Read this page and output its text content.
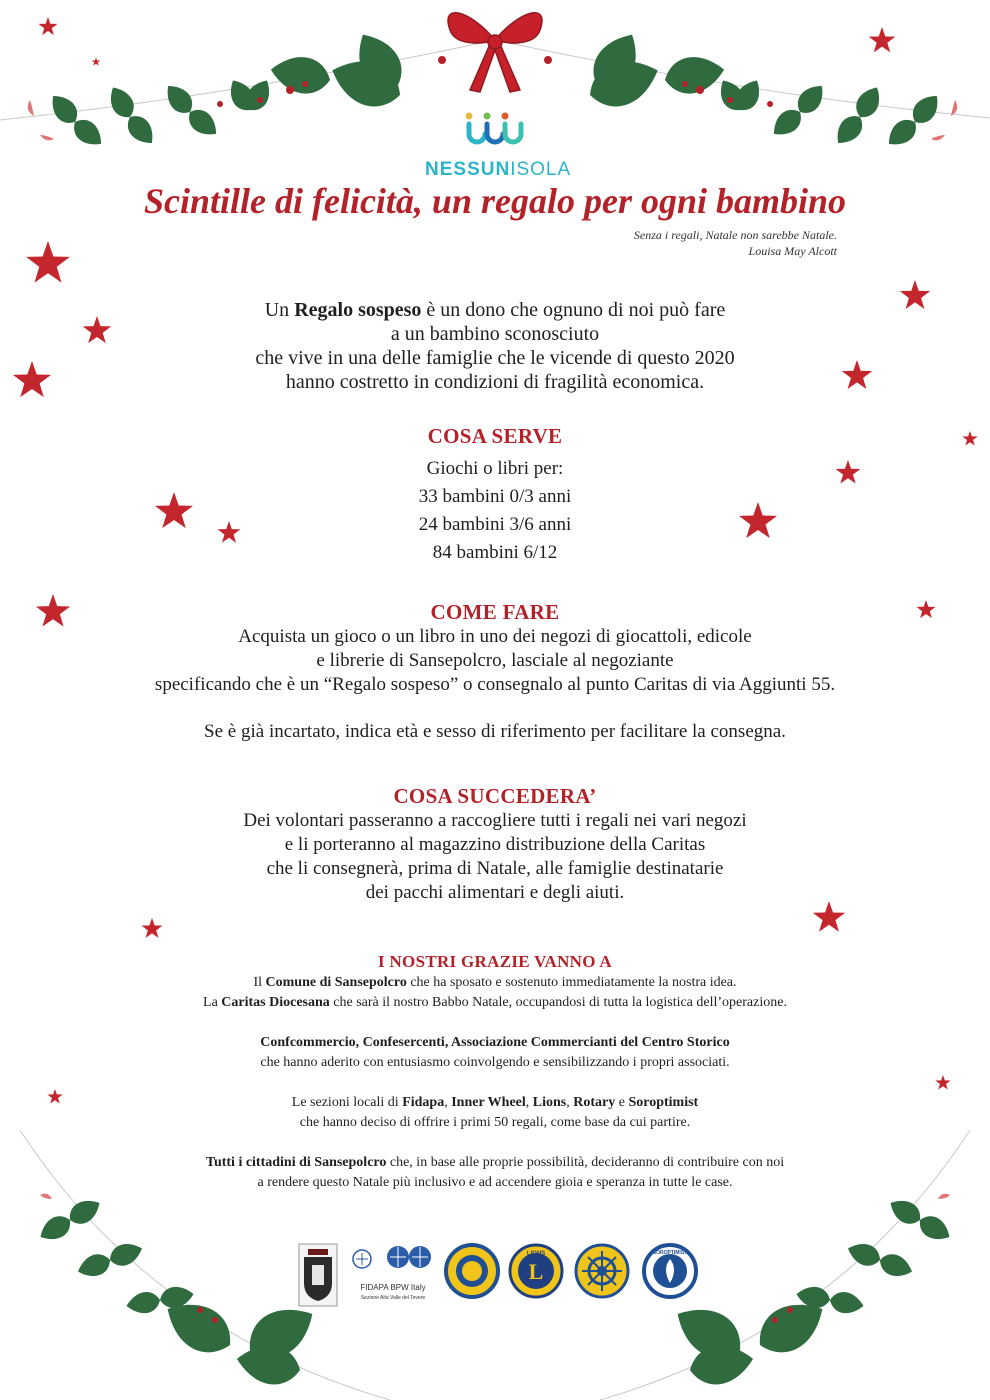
NESSUNISOLA
Scintille di felicità, un regalo per ogni bambino
Senza i regali, Natale non sarebbe Natale.
Louisa May Alcott
Un Regalo sospeso è un dono che ognuno di noi può fare
a un bambino sconosciuto
che vive in una delle famiglie che le vicende di questo 2020
hanno costretto in condizioni di fragilità economica.
COSA SERVE
Giochi o libri per:
33 bambini 0/3 anni
24 bambini 3/6 anni
84 bambini 6/12
COME FARE
Acquista un gioco o un libro in uno dei negozi di giocattoli, edicole
e librerie di Sansepolcro, lasciale al negoziante
specificando che è un “Regalo sospeso” o consegnalo al punto Caritas di via Aggiunti 55.
Se è già incartato, indica età e sesso di riferimento per facilitare la consegna.
COSA SUCCEDERA’
Dei volontari passeranno a raccogliere tutti i regali nei vari negozi
e li porteranno al magazzino distribuzione della Caritas
che li consegnerà, prima di Natale, alle famiglie destinatarie
dei pacchi alimentari e degli aiuti.
I NOSTRI GRAZIE VANNO A
Il Comune di Sansepolcro che ha sposato e sostenuto immediatamente la nostra idea.
La Caritas Diocesana che sarà il nostro Babbo Natale, occupandosi di tutta la logistica dell’operazione.
Confcommercio, Confesercenti, Associazione Commercianti del Centro Storico
che hanno aderito con entusiasmo coinvolgendo e sensibilizzando i propri associati.
Le sezioni locali di Fidapa, Inner Wheel, Lions, Rotary e Soroptimist
che hanno deciso di offrire i primi 50 regali, come base da cui partire.
Tutti i cittadini di Sansepolcro che, in base alle proprie possibilità, decideranno di contribuire con noi
a rendere questo Natale più inclusivo e ad accendere gioia e speranza in tutte le case.
FIDAPA BPW Italy
Sezione Alta Valle del Tevere
L
LIONS	SOROPTIMIST
